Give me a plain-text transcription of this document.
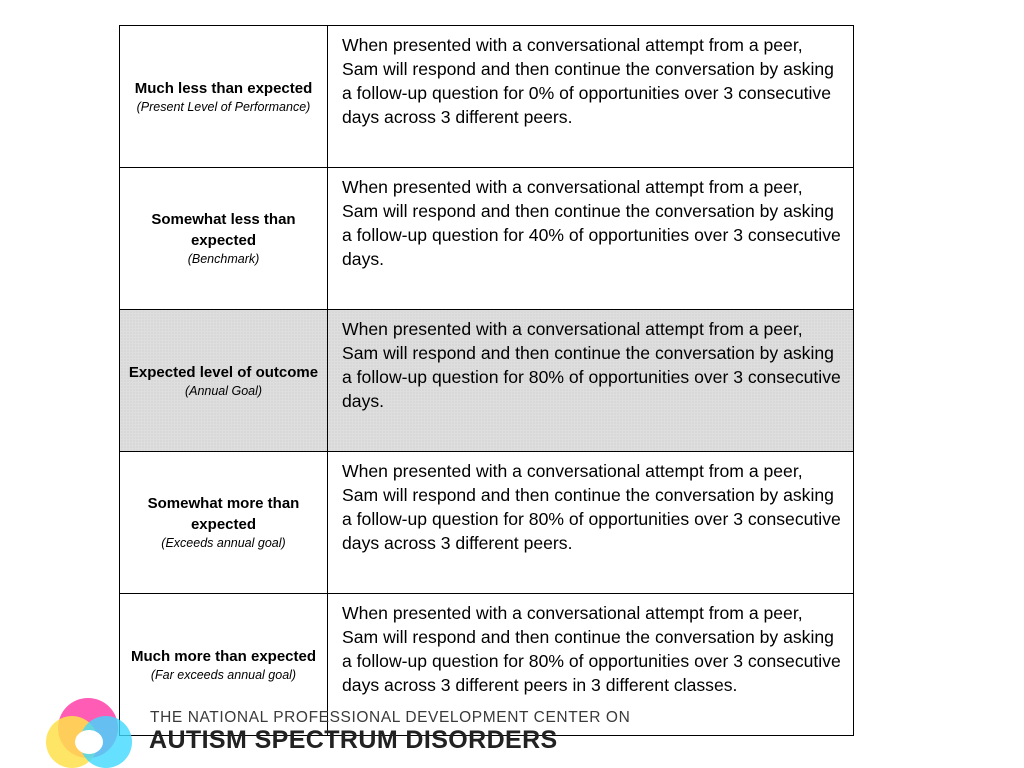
Much less than expected
(Present Level of Performance)	When presented with a conversational attempt from a peer, Sam will respond and then continue the conversation by asking a follow-up question for 0% of opportunities over 3 consecutive days across 3 different peers.

Somewhat less than expected
(Benchmark)	When presented with a conversational attempt from a peer, Sam will respond and then continue the conversation by asking a follow-up question for 40% of opportunities over 3 consecutive days.

Expected level of outcome
(Annual Goal)	When presented with a conversational attempt from a peer, Sam will respond and then continue the conversation by asking a follow-up question for 80% of opportunities over 3 consecutive days.

Somewhat more than expected
(Exceeds annual goal)	When presented with a conversational attempt from a peer, Sam will respond and then continue the conversation by asking a follow-up question for 80% of opportunities over 3 consecutive days across 3 different peers.

Much more than expected
(Far exceeds annual goal)	When presented with a conversational attempt from a peer, Sam will respond and then continue the conversation by asking a follow-up question for 80% of opportunities over 3 consecutive days across 3 different peers in 3 different classes.
THE NATIONAL PROFESSIONAL DEVELOPMENT CENTER ON
AUTISM SPECTRUM DISORDERS
